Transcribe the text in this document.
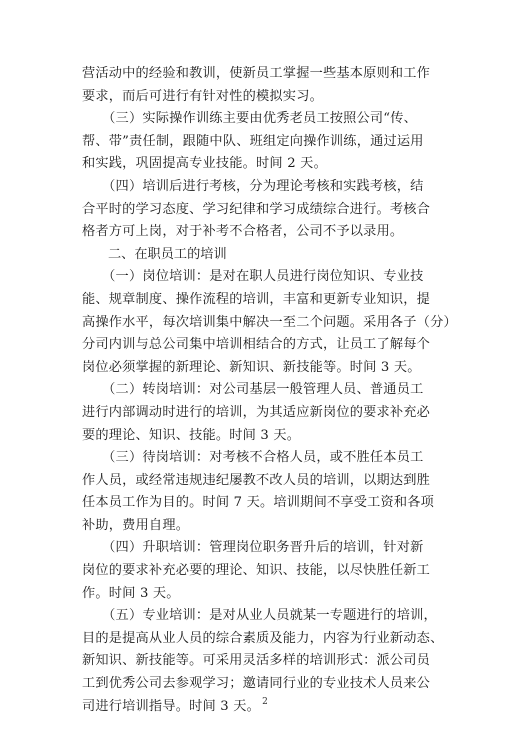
营活动中的经验和教训，使新员工掌握一些基本原则和工作
要求，而后可进行有针对性的模拟实习。

　　（三）实际操作训练主要由优秀老员工按照公司“传、
帮、带”责任制，跟随中队、班组定向操作训练，通过运用
和实践，巩固提高专业技能。时间 2 天。

　　（四）培训后进行考核，分为理论考核和实践考核，结
合平时的学习态度、学习纪律和学习成绩综合进行。考核合
格者方可上岗，对于补考不合格者，公司不予以录用。

二、在职员工的培训

　　（一）岗位培训：是对在职人员进行岗位知识、专业技
能、规章制度、操作流程的培训，丰富和更新专业知识，提
高操作水平，每次培训集中解决一至二个问题。采用各子（分）
分司内训与总公司集中培训相结合的方式，让员工了解每个
岗位必须掌握的新理论、新知识、新技能等。时间 3 天。

　　（二）转岗培训：对公司基层一般管理人员、普通员工
进行内部调动时进行的培训，为其适应新岗位的要求补充必
要的理论、知识、技能。时间 3 天。

　　（三）待岗培训：对考核不合格人员，或不胜任本员工
作人员，或经常违规违纪屡教不改人员的培训，以期达到胜
任本员工作为目的。时间 7 天。培训期间不享受工资和各项
补助，费用自理。

　　（四）升职培训：管理岗位职务晋升后的培训，针对新
岗位的要求补充必要的理论、知识、技能，以尽快胜任新工
作。时间 3 天。

　　（五）专业培训：是对从业人员就某一专题进行的培训，
目的是提高从业人员的综合素质及能力，内容为行业新动态、
新知识、新技能等。可采用灵活多样的培训形式：派公司员
工到优秀公司去参观学习；邀请同行业的专业技术人员来公
司进行培训指导。时间 3 天。 2
